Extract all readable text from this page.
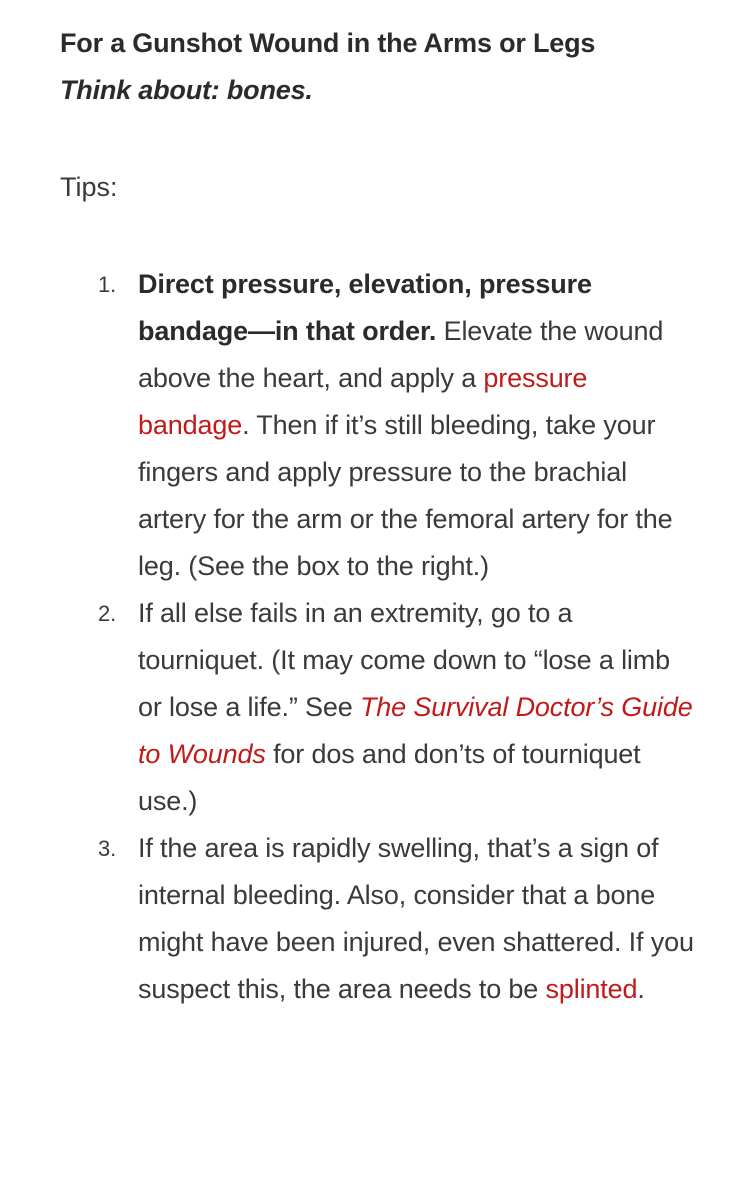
For a Gunshot Wound in the Arms or Legs
Think about: bones.

Tips:

1. Direct pressure, elevation, pressure bandage—in that order. Elevate the wound above the heart, and apply a pressure bandage. Then if it’s still bleeding, take your fingers and apply pressure to the brachial artery for the arm or the femoral artery for the leg. (See the box to the right.)
2. If all else fails in an extremity, go to a tourniquet. (It may come down to “lose a limb or lose a life.” See The Survival Doctor’s Guide to Wounds for dos and don’ts of tourniquet use.)
3. If the area is rapidly swelling, that’s a sign of internal bleeding. Also, consider that a bone might have been injured, even shattered. If you suspect this, the area needs to be splinted.
